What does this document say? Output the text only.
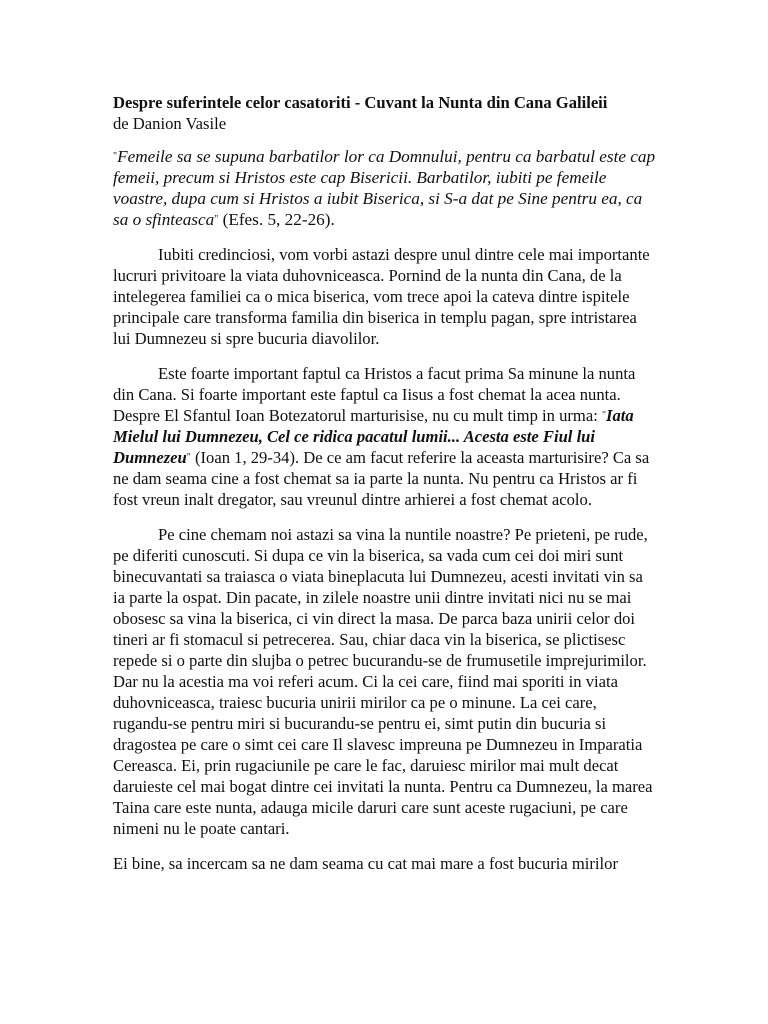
Despre suferintele celor casatoriti - Cuvant la Nunta din Cana Galileii

de Danion Vasile

"Femeile sa se supuna barbatilor lor ca Domnului, pentru ca barbatul este cap femeii, precum si Hristos este cap Bisericii. Barbatilor, iubiti pe femeile voastre, dupa cum si Hristos a iubit Biserica, si S-a dat pe Sine pentru ea, ca sa o sfinteasca" (Efes. 5, 22-26).

Iubiti credinciosi, vom vorbi astazi despre unul dintre cele mai importante lucruri privitoare la viata duhovniceasca. Pornind de la nunta din Cana, de la intelegerea familiei ca o mica biserica, vom trece apoi la cateva dintre ispitele principale care transforma familia din biserica in templu pagan, spre intristarea lui Dumnezeu si spre bucuria diavolilor.

Este foarte important faptul ca Hristos a facut prima Sa minune la nunta din Cana. Si foarte important este faptul ca Iisus a fost chemat la acea nunta. Despre El Sfantul Ioan Botezatorul marturisise, nu cu mult timp in urma: "Iata Mielul lui Dumnezeu, Cel ce ridica pacatul lumii... Acesta este Fiul lui Dumnezeu" (Ioan 1, 29-34). De ce am facut referire la aceasta marturisire? Ca sa ne dam seama cine a fost chemat sa ia parte la nunta. Nu pentru ca Hristos ar fi fost vreun inalt dregator, sau vreunul dintre arhierei a fost chemat acolo.

Pe cine chemam noi astazi sa vina la nuntile noastre? Pe prieteni, pe rude, pe diferiti cunoscuti. Si dupa ce vin la biserica, sa vada cum cei doi miri sunt binecuvantati sa traiasca o viata bineplacuta lui Dumnezeu, acesti invitati vin sa ia parte la ospat. Din pacate, in zilele noastre unii dintre invitati nici nu se mai obosesc sa vina la biserica, ci vin direct la masa. De parca baza unirii celor doi tineri ar fi stomacul si petrecerea. Sau, chiar daca vin la biserica, se plictisesc repede si o parte din slujba o petrec bucurandu-se de frumusetile imprejurimilor. Dar nu la acestia ma voi referi acum. Ci la cei care, fiind mai sporiti in viata duhovniceasca, traiesc bucuria unirii mirilor ca pe o minune. La cei care, rugandu-se pentru miri si bucurandu-se pentru ei, simt putin din bucuria si dragostea pe care o simt cei care Il slavesc impreuna pe Dumnezeu in Imparatia Cereasca. Ei, prin rugaciunile pe care le fac, daruiesc mirilor mai mult decat daruieste cel mai bogat dintre cei invitati la nunta. Pentru ca Dumnezeu, la marea Taina care este nunta, adauga micile daruri care sunt aceste rugaciuni, pe care nimeni nu le poate cantari.

Ei bine, sa incercam sa ne dam seama cu cat mai mare a fost bucuria mirilor
